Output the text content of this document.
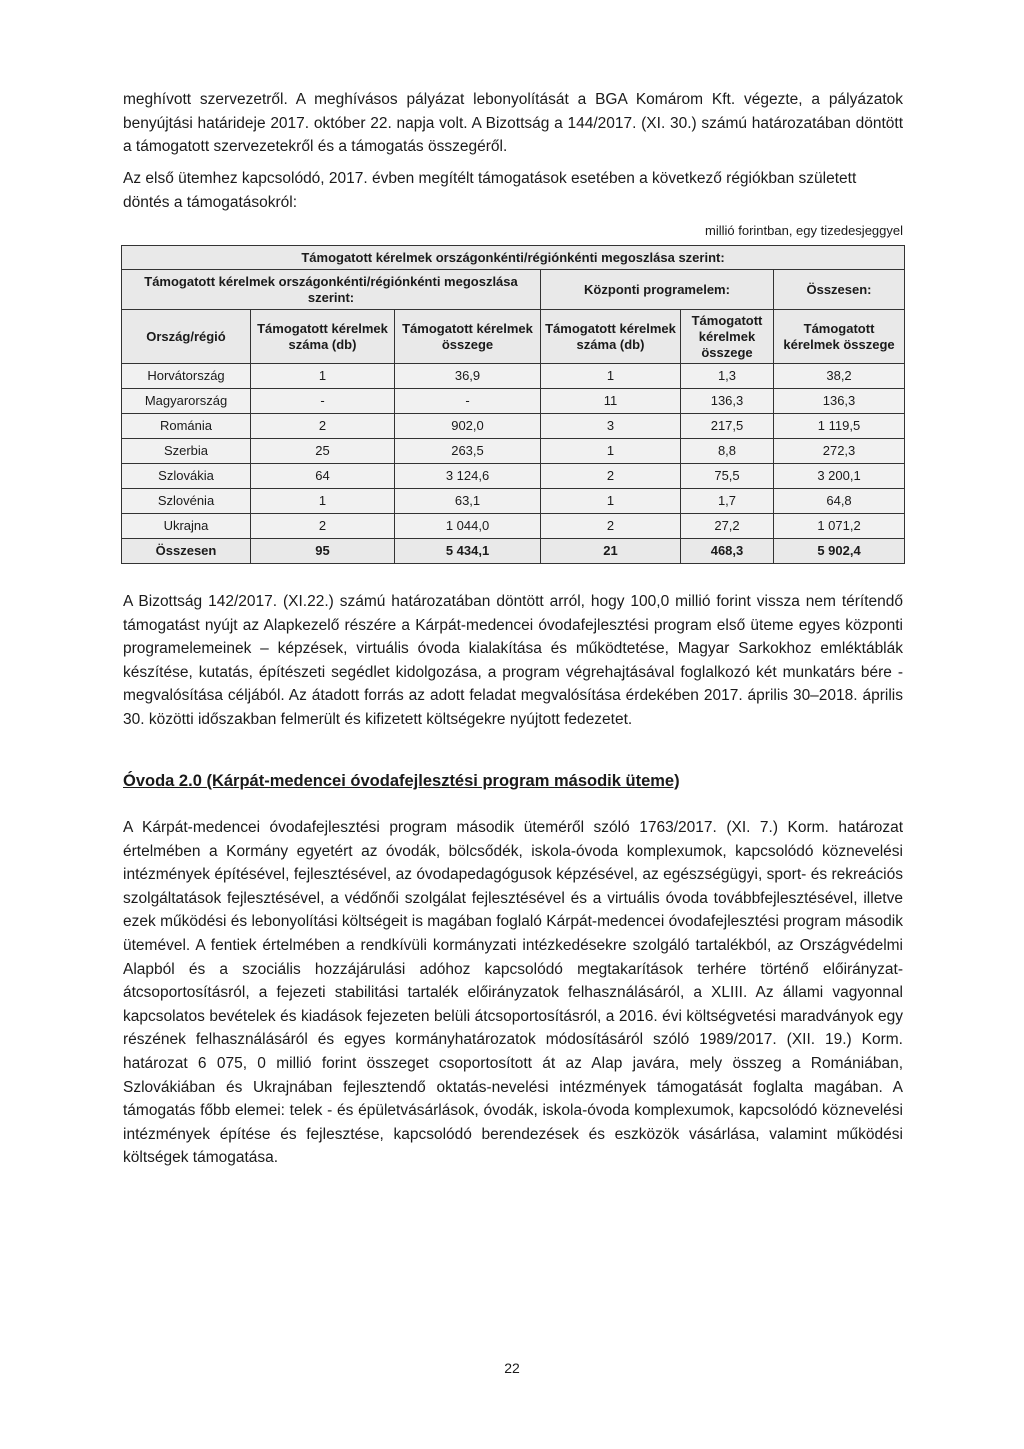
meghívott szervezetről. A meghívásos pályázat lebonyolítását a BGA Komárom Kft. végezte, a pályázatok benyújtási határideje 2017. október 22. napja volt. A Bizottság a 144/2017. (XI. 30.) számú határozatában döntött a támogatott szervezetekről és a támogatás összegéről.

Az első ütemhez kapcsolódó, 2017. évben megítélt támogatások esetében a következő régiókban született döntés a támogatásokról:

millió forintban, egy tizedesjeggyel
Támogatott kérelmek országonkénti/régiónkénti megoszlása szerint:					
Támogatott kérelmek országonkénti/régiónkénti megoszlása szerint:			Központi programelem:		Összesen:
Ország/régió	Támogatott kérelmek száma (db)	Támogatott kérelmek összege	Támogatott kérelmek száma (db)	Támogatott kérelmek összege	Támogatott kérelmek összege
Horvátország	1	36,9	1	1,3	38,2
Magyarország	-	-	11	136,3	136,3
Románia	2	902,0	3	217,5	1 119,5
Szerbia	25	263,5	1	8,8	272,3
Szlovákia	64	3 124,6	2	75,5	3 200,1
Szlovénia	1	63,1	1	1,7	64,8
Ukrajna	2	1 044,0	2	27,2	1 071,2
Összesen	95	5 434,1	21	468,3	5 902,4

A Bizottság 142/2017. (XI.22.) számú határozatában döntött arról, hogy 100,0 millió forint vissza nem térítendő támogatást nyújt az Alapkezelő részére a Kárpát-medencei óvodafejlesztési program első üteme egyes központi programelemeinek – képzések, virtuális óvoda kialakítása és működtetése, Magyar Sarkokhoz emléktáblák készítése, kutatás, építészeti segédlet kidolgozása, a program végrehajtásával foglalkozó két munkatárs bére - megvalósítása céljából. Az átadott forrás az adott feladat megvalósítása érdekében 2017. április 30–2018. április 30. közötti időszakban felmerült és kifizetett költségekre nyújtott fedezetet.

Óvoda 2.0 (Kárpát-medencei óvodafejlesztési program második üteme)

A Kárpát-medencei óvodafejlesztési program második üteméről szóló 1763/2017. (XI. 7.) Korm. határozat értelmében a Kormány egyetért az óvodák, bölcsődék, iskola-óvoda komplexumok, kapcsolódó köznevelési intézmények építésével, fejlesztésével, az óvodapedagógusok képzésével, az egészségügyi, sport- és rekreációs szolgáltatások fejlesztésével, a védőnői szolgálat fejlesztésével és a virtuális óvoda továbbfejlesztésével, illetve ezek működési és lebonyolítási költségeit is magában foglaló Kárpát-medencei óvodafejlesztési program második ütemével. A fentiek értelmében a rendkívüli kormányzati intézkedésekre szolgáló tartalékból, az Országvédelmi Alapból és a szociális hozzájárulási adóhoz kapcsolódó megtakarítások terhére történő előirányzat-átcsoportosításról, a fejezeti stabilitási tartalék előirányzatok felhasználásáról, a XLIII. Az állami vagyonnal kapcsolatos bevételek és kiadások fejezeten belüli átcsoportosításról, a 2016. évi költségvetési maradványok egy részének felhasználásáról és egyes kormányhatározatok módosításáról szóló 1989/2017. (XII. 19.) Korm. határozat 6 075, 0 millió forint összeget csoportosított át az Alap javára, mely összeg a Romániában, Szlovákiában és Ukrajnában fejlesztendő oktatás-nevelési intézmények támogatását foglalta magában. A támogatás főbb elemei: telek - és épületvásárlások, óvodák, iskola-óvoda komplexumok, kapcsolódó köznevelési intézmények építése és fejlesztése, kapcsolódó berendezések és eszközök vásárlása, valamint működési költségek támogatása.

22
